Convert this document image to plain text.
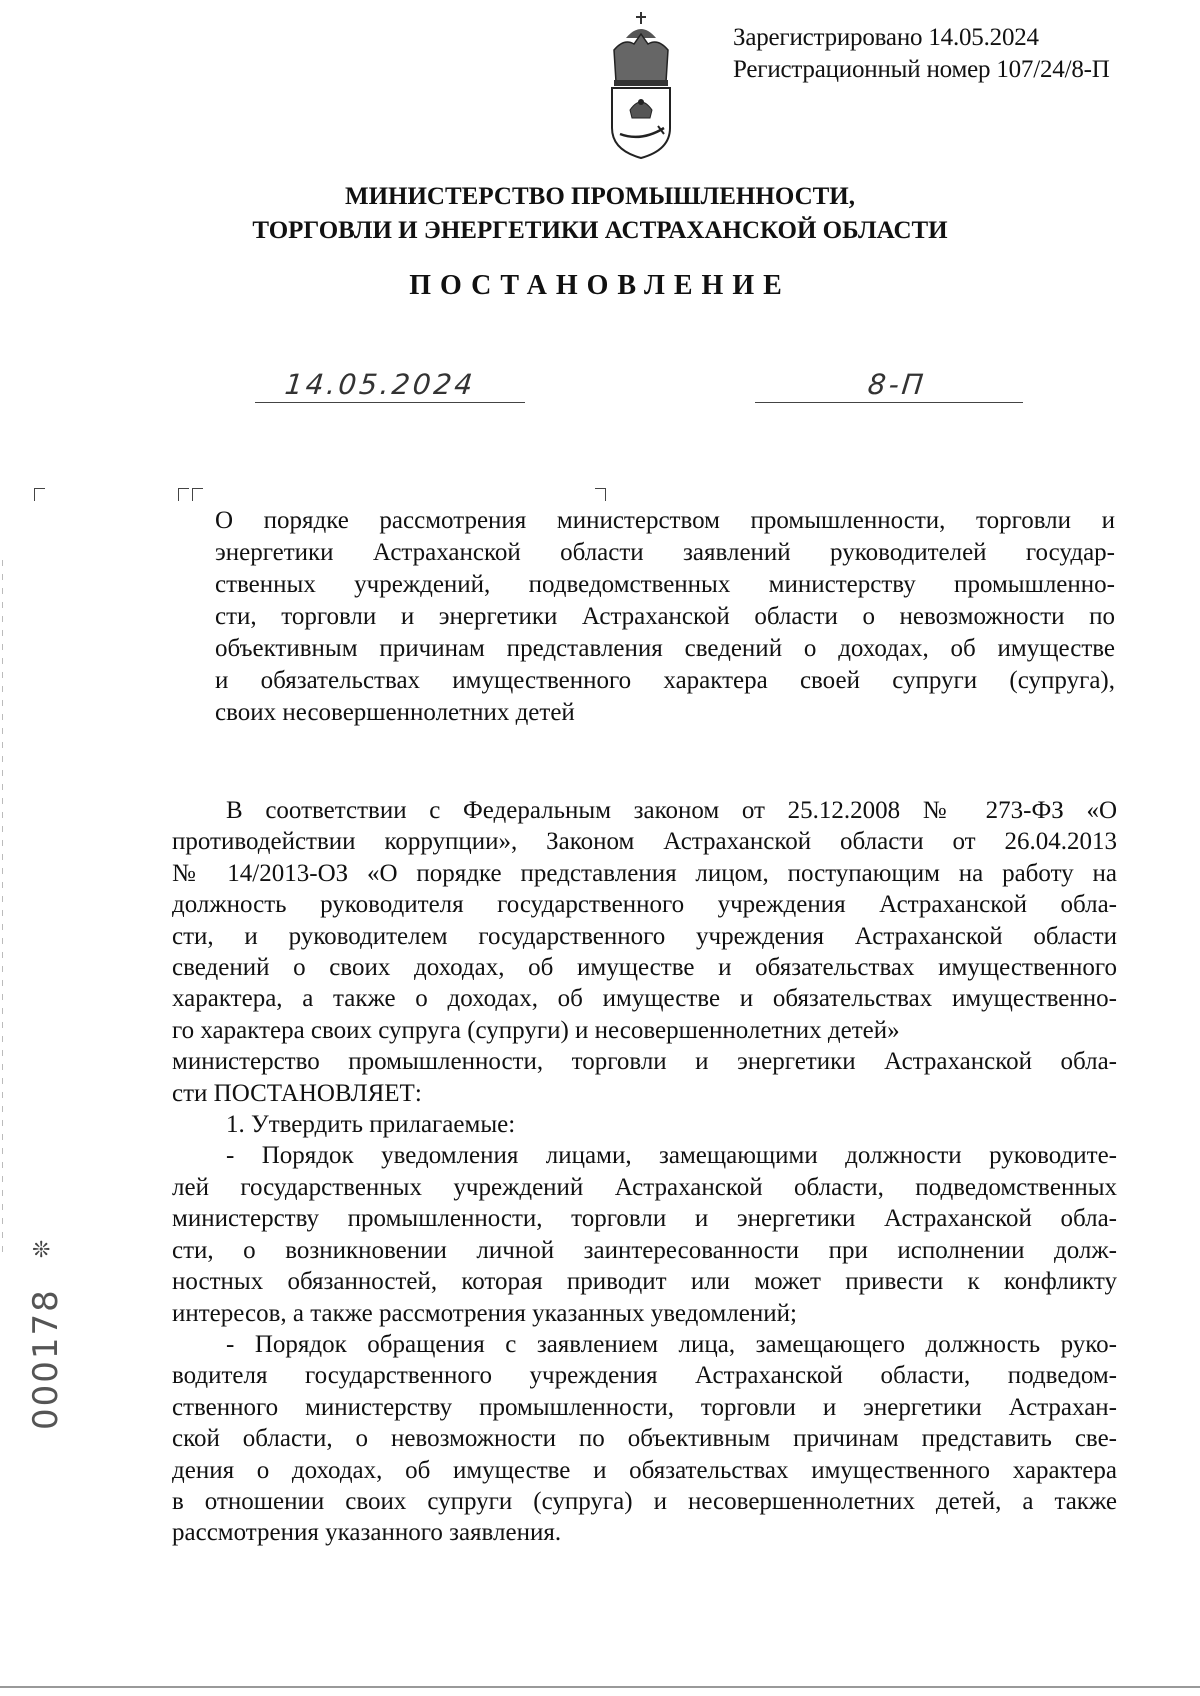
Зарегистрировано 14.05.2024
Регистрационный номер 107/24/8-П
МИНИСТЕРСТВО ПРОМЫШЛЕННОСТИ,
ТОРГОВЛИ И ЭНЕРГЕТИКИ АСТРАХАНСКОЙ ОБЛАСТИ
ПОСТАНОВЛЕНИЕ
14.05.2024	8-П
О порядке рассмотрения министерством промышленности, торговли и
энергетики Астраханской области заявлений руководителей государ-
ственных учреждений, подведомственных министерству промышленно-
сти, торговли и энергетики Астраханской области о невозможности по
объективным причинам представления сведений о доходах, об имуществе
и обязательствах имущественного характера своей супруги (супруга),
своих несовершеннолетних детей
В соответствии с Федеральным законом от 25.12.2008 № 273-ФЗ «О
противодействии коррупции», Законом Астраханской области от 26.04.2013
№ 14/2013-ОЗ «О порядке представления лицом, поступающим на работу на
должность руководителя государственного учреждения Астраханской обла-
сти, и руководителем государственного учреждения Астраханской области
сведений о своих доходах, об имуществе и обязательствах имущественного
характера, а также о доходах, об имуществе и обязательствах имущественно-
го характера своих супруга (супруги) и несовершеннолетних детей»
министерство промышленности, торговли и энергетики Астраханской обла-
сти ПОСТАНОВЛЯЕТ:
1. Утвердить прилагаемые:
- Порядок уведомления лицами, замещающими должности руководите-
лей государственных учреждений Астраханской области, подведомственных
министерству промышленности, торговли и энергетики Астраханской обла-
сти, о возникновении личной заинтересованности при исполнении долж-
ностных обязанностей, которая приводит или может привести к конфликту
интересов, а также рассмотрения указанных уведомлений;
- Порядок обращения с заявлением лица, замещающего должность руко-
водителя государственного учреждения Астраханской области, подведом-
ственного министерству промышленности, торговли и энергетики Астрахан-
ской области, о невозможности по объективным причинам представить све-
дения о доходах, об имуществе и обязательствах имущественного характера
в отношении своих супруги (супруга) и несовершеннолетних детей, а также
рассмотрения указанного заявления.
❊
000178
